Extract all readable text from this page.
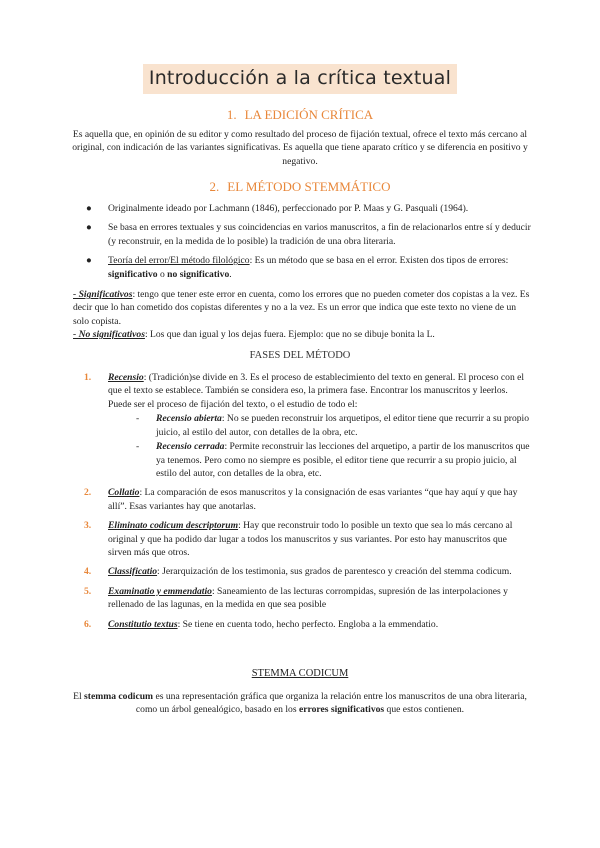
Introducción a la crítica textual
1. LA EDICIÓN CRÍTICA
Es aquella que, en opinión de su editor y como resultado del proceso de fijación textual, ofrece el texto más cercano al original, con indicación de las variantes significativas. Es aquella que tiene aparato crítico y se diferencia en positivo y negativo.
2. EL MÉTODO STEMMÁTICO
● Originalmente ideado por Lachmann (1846), perfeccionado por P. Maas y G. Pasquali (1964).
● Se basa en errores textuales y sus coincidencias en varios manuscritos, a fin de relacionarlos entre sí y deducir (y reconstruir, en la medida de lo posible) la tradición de una obra literaria.
● Teoría del error/El método filológico: Es un método que se basa en el error. Existen dos tipos de errores: significativo o no significativo.
- Significativos: tengo que tener este error en cuenta, como los errores que no pueden cometer dos copistas a la vez. Es decir que lo han cometido dos copistas diferentes y no a la vez. Es un error que indica que este texto no viene de un solo copista.
- No significativos: Los que dan igual y los dejas fuera. Ejemplo: que no se dibuje bonita la L.
FASES DEL MÉTODO
1. Recensio: (Tradición)se divide en 3. Es el proceso de establecimiento del texto en general. El proceso con el que el texto se establece. También se considera eso, la primera fase. Encontrar los manuscritos y leerlos.
Puede ser el proceso de fijación del texto, o el estudio de todo el:
- Recensio abierta: No se pueden reconstruir los arquetipos, el editor tiene que recurrir a su propio juicio, al estilo del autor, con detalles de la obra, etc.
- Recensio cerrada: Permite reconstruir las lecciones del arquetipo, a partir de los manuscritos que ya tenemos. Pero como no siempre es posible, el editor tiene que recurrir a su propio juicio, al estilo del autor, con detalles de la obra, etc.
2. Collatio: La comparación de esos manuscritos y la consignación de esas variantes “que hay aquí y que hay allí”. Esas variantes hay que anotarlas.
3. Eliminato codicum descriptorum: Hay que reconstruir todo lo posible un texto que sea lo más cercano al original y que ha podido dar lugar a todos los manuscritos y sus variantes. Por esto hay manuscritos que sirven más que otros.
4. Classificatio: Jerarquización de los testimonia, sus grados de parentesco y creación del stemma codicum.
5. Examinatio y emmendatio: Saneamiento de las lecturas corrompidas, supresión de las interpolaciones y rellenado de las lagunas, en la medida en que sea posible
6. Constitutio textus: Se tiene en cuenta todo, hecho perfecto. Engloba a la emmendatio.
STEMMA CODICUM
El stemma codicum es una representación gráfica que organiza la relación entre los manuscritos de una obra literaria, como un árbol genealógico, basado en los errores significativos que estos contienen.
